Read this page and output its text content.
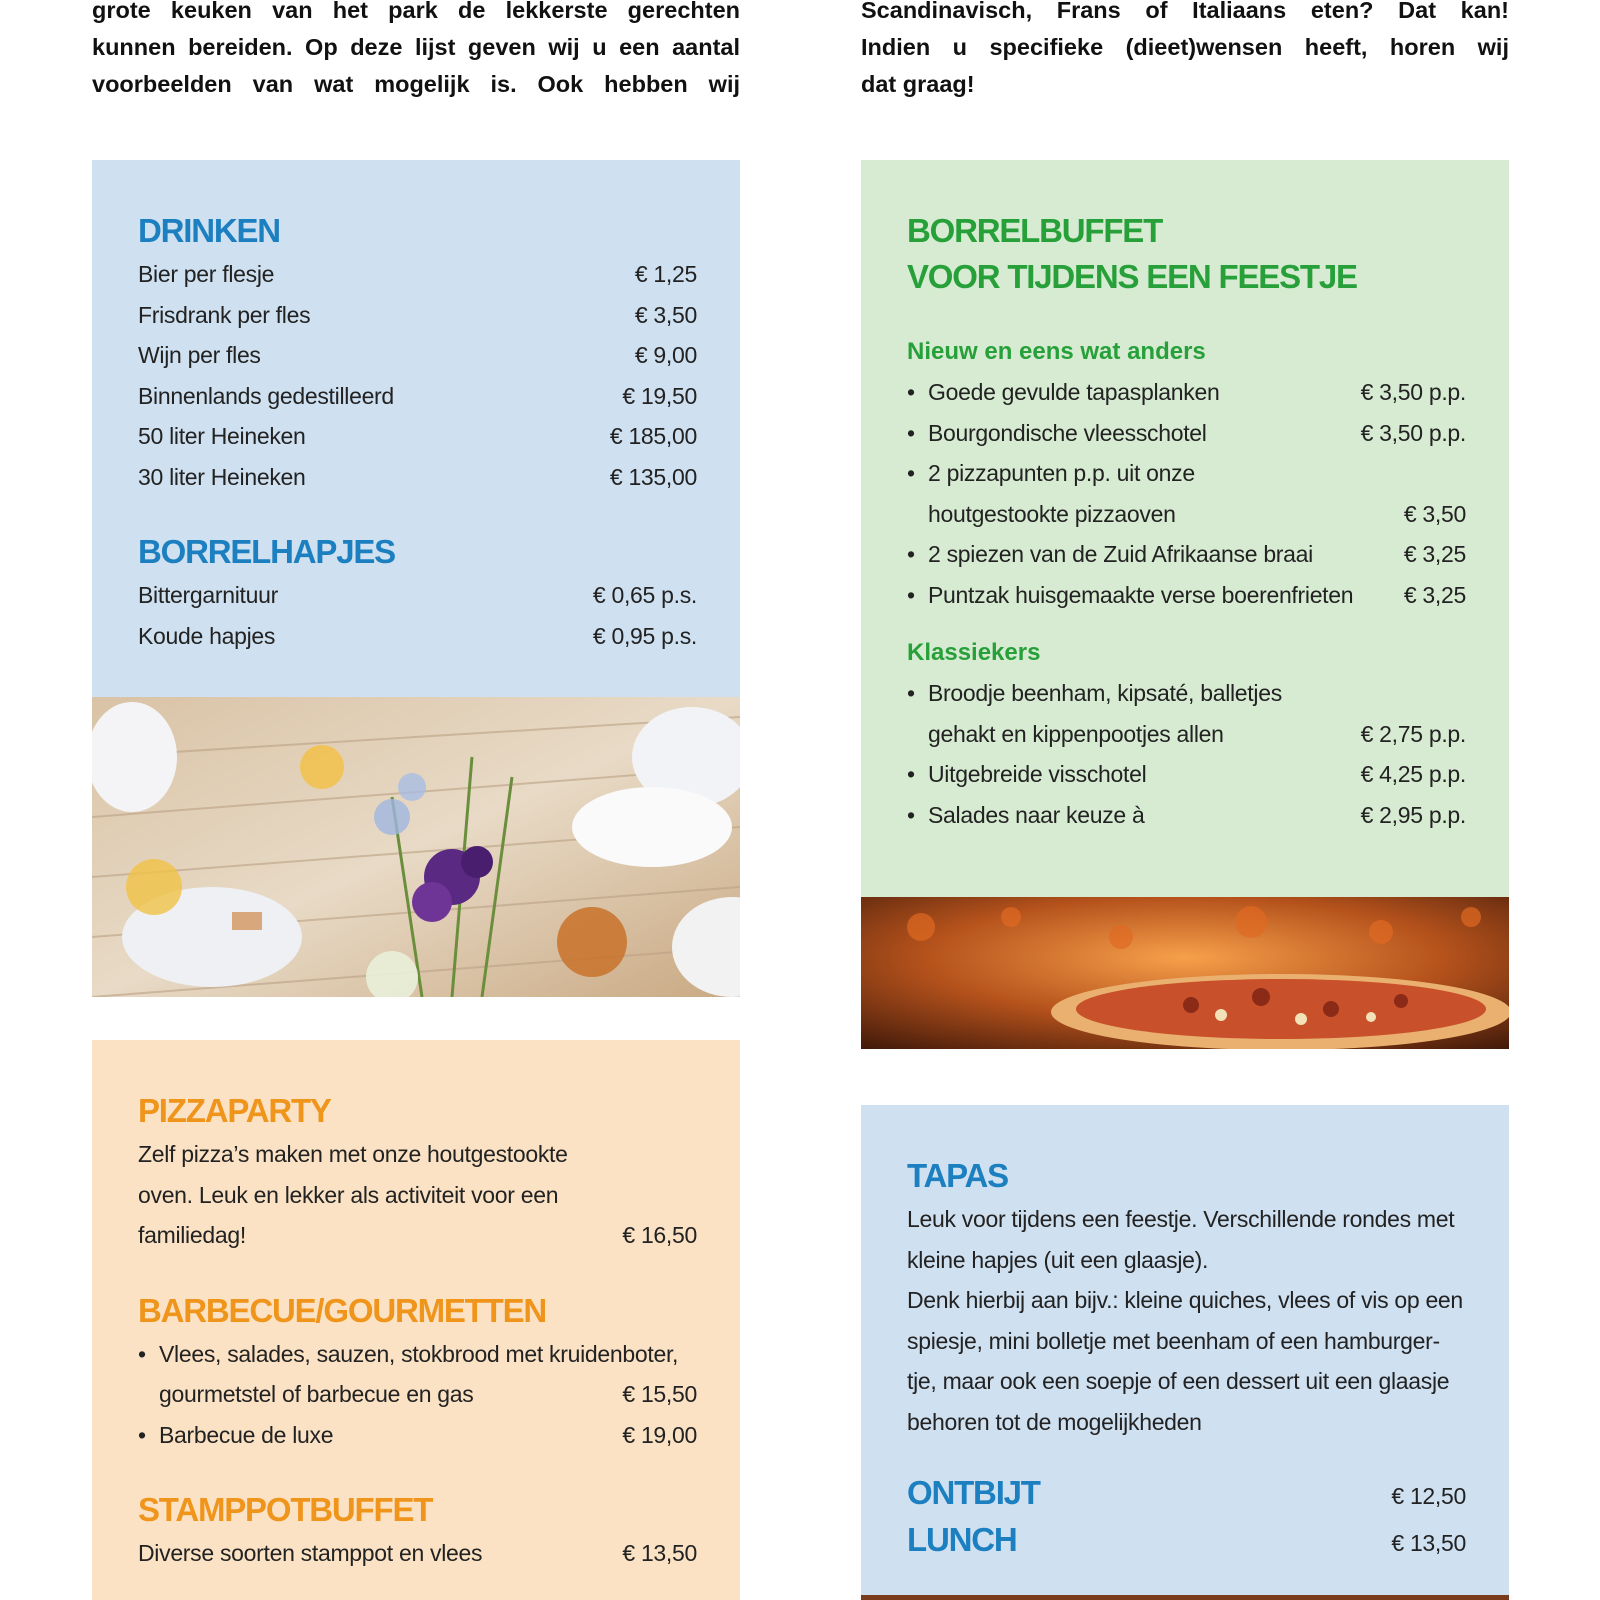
grote keuken van het park de lekkerste gerechten

kunnen bereiden. Op deze lijst geven wij u een aantal

voorbeelden van wat mogelijk is. Ook hebben wij

Scandinavisch, Frans of Italiaans eten? Dat kan!

Indien u specifieke (dieet)wensen heeft, horen wij

dat graag!

DRINKEN
Bier per flesje	€ 1,25
Frisdrank per fles	€ 3,50
Wijn per fles	€ 9,00
Binnenlands gedestilleerd	€ 19,50
50 liter Heineken	€ 185,00
30 liter Heineken	€ 135,00
BORRELHAPJES
Bittergarnituur	€ 0,65 p.s.
Koude hapjes	€ 0,95 p.s.
BORRELBUFFET
VOOR TIJDENS EEN FEESTJE

Nieuw en eens wat anders

• Goede gevulde tapasplanken	€ 3,50 p.p.
• Bourgondische vleesschotel	€ 3,50 p.p.
• 2 pizzapunten p.p. uit onze
houtgestookte pizzaoven	€ 3,50
• 2 spiezen van de Zuid Afrikaanse braai	€ 3,25
• Puntzak huisgemaakte verse boerenfrieten € 3,25

Klassiekers

• Broodje beenham, kipsaté, balletjes
gehakt en kippenpootjes allen	€ 2,75 p.p.
• Uitgebreide visschotel	€ 4,25 p.p.
• Salades naar keuze à	€ 2,95 p.p.
PIZZAPARTY

Zelf pizza’s maken met onze houtgestookte

oven. Leuk en lekker als activiteit voor een

familiedag!	€ 16,50
BARBECUE/GOURMETTEN
• Vlees, salades, sauzen, stokbrood met kruidenboter,
gourmetstel of barbecue en gas	€ 15,50
• Barbecue de luxe	€ 19,00
STAMPPOTBUFFET
Diverse soorten stamppot en vlees	€ 13,50
TAPAS

Leuk voor tijdens een feestje. Verschillende rondes met

kleine hapjes (uit een glaasje).

Denk hierbij aan bijv.: kleine quiches, vlees of vis op een

spiesje, mini bolletje met beenham of een hamburger-

tje, maar ook een soepje of een dessert uit een glaasje

behoren tot de mogelijkheden

ONTBIJT	€ 12,50
LUNCH	€ 13,50
